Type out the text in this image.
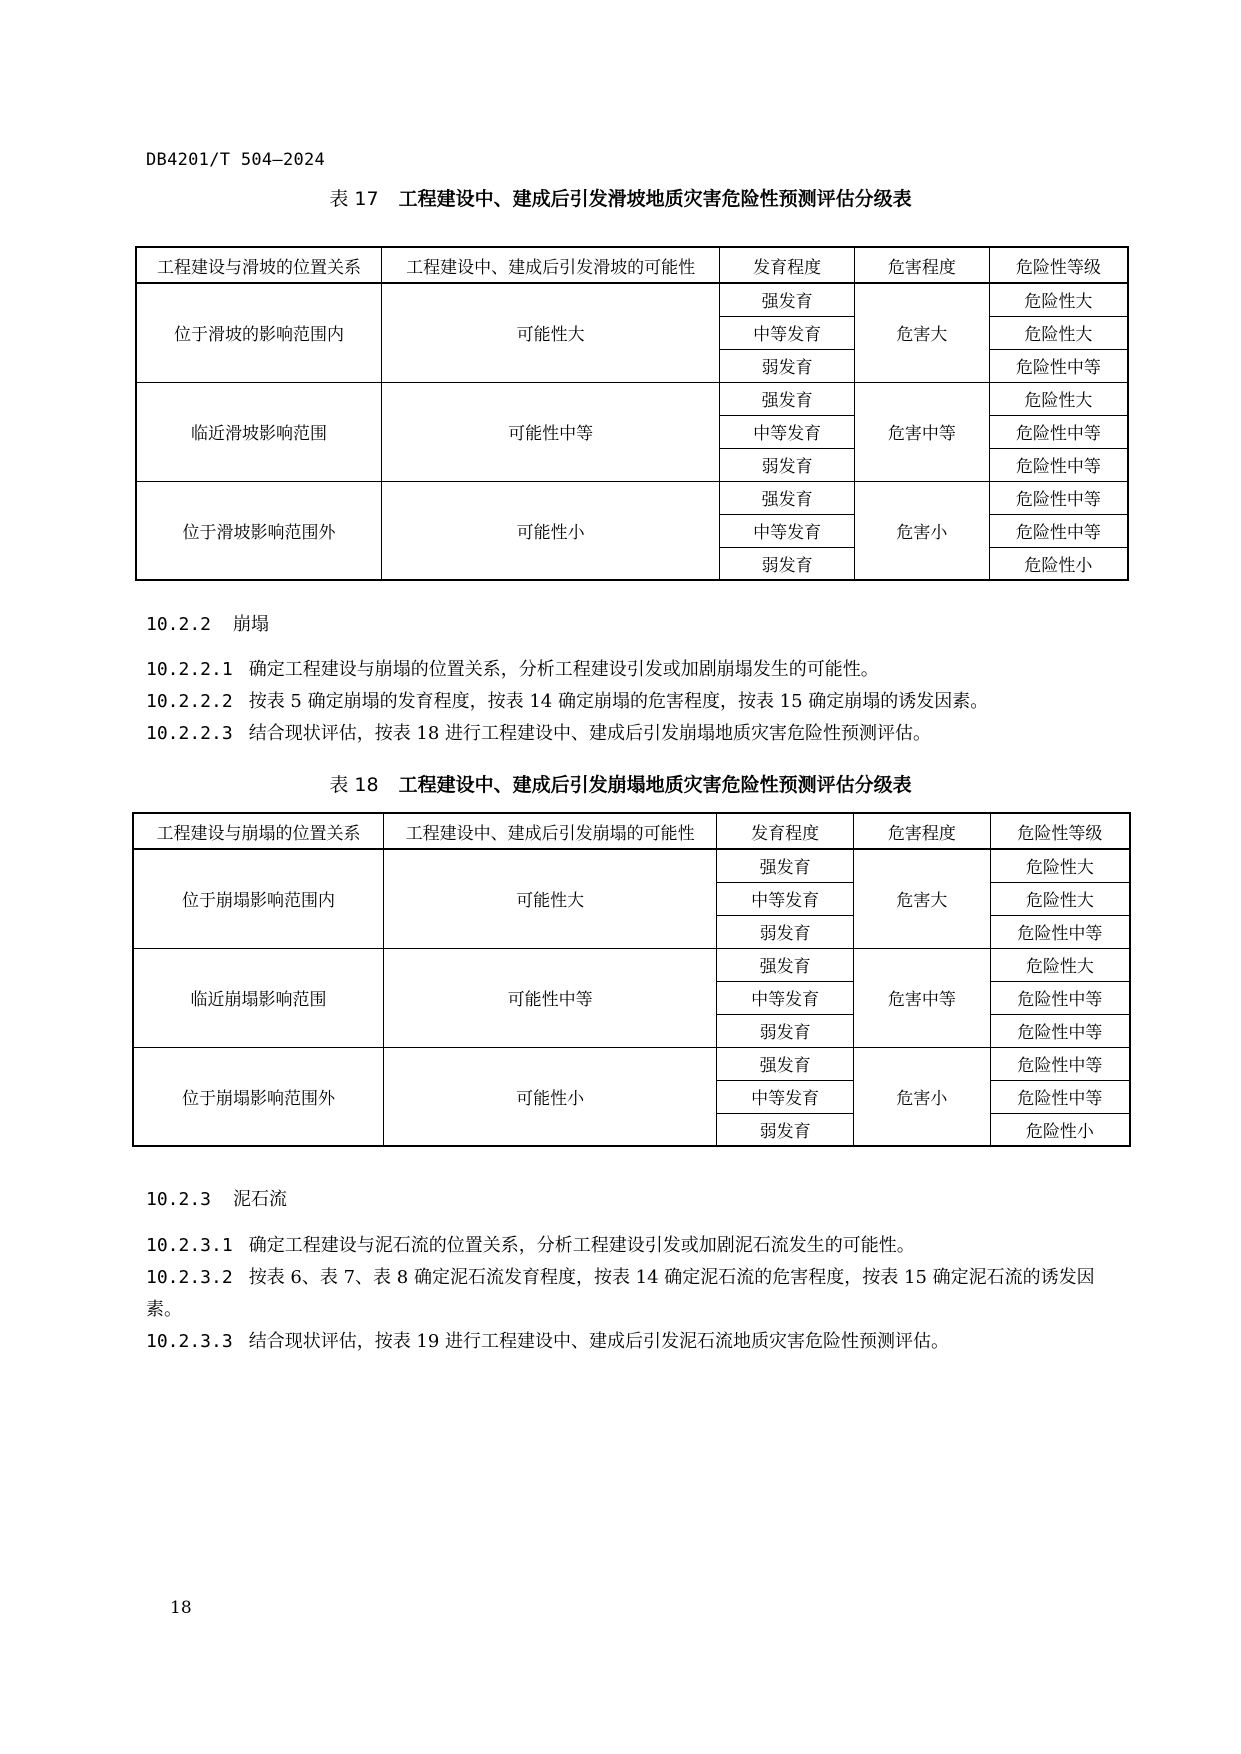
DB4201/T 504—2024
表 17 工程建设中、建成后引发滑坡地质灾害危险性预测评估分级表
工程建设与滑坡的位置关系	工程建设中、建成后引发滑坡的可能性	发育程度	危害程度	危险性等级
位于滑坡的影响范围内	可能性大	强发育	危害大	危险性大
		中等发育		危险性大
		弱发育		危险性中等
临近滑坡影响范围	可能性中等	强发育	危害中等	危险性大
		中等发育		危险性中等
		弱发育		危险性中等
位于滑坡影响范围外	可能性小	强发育	危害小	危险性中等
		中等发育		危险性中等
		弱发育		危险性小
10.2.2 崩塌
10.2.2.1 确定工程建设与崩塌的位置关系，分析工程建设引发或加剧崩塌发生的可能性。
10.2.2.2 按表 5 确定崩塌的发育程度，按表 14 确定崩塌的危害程度，按表 15 确定崩塌的诱发因素。
10.2.2.3 结合现状评估，按表 18 进行工程建设中、建成后引发崩塌地质灾害危险性预测评估。
表 18 工程建设中、建成后引发崩塌地质灾害危险性预测评估分级表
工程建设与崩塌的位置关系	工程建设中、建成后引发崩塌的可能性	发育程度	危害程度	危险性等级
位于崩塌影响范围内	可能性大	强发育	危害大	危险性大
		中等发育		危险性大
		弱发育		危险性中等
临近崩塌影响范围	可能性中等	强发育	危害中等	危险性大
		中等发育		危险性中等
		弱发育		危险性中等
位于崩塌影响范围外	可能性小	强发育	危害小	危险性中等
		中等发育		危险性中等
		弱发育		危险性小
10.2.3 泥石流
10.2.3.1 确定工程建设与泥石流的位置关系，分析工程建设引发或加剧泥石流发生的可能性。
10.2.3.2 按表 6、表 7、表 8 确定泥石流发育程度，按表 14 确定泥石流的危害程度，按表 15 确定泥石流的诱发因素。
10.2.3.3 结合现状评估，按表 19 进行工程建设中、建成后引发泥石流地质灾害危险性预测评估。
18
